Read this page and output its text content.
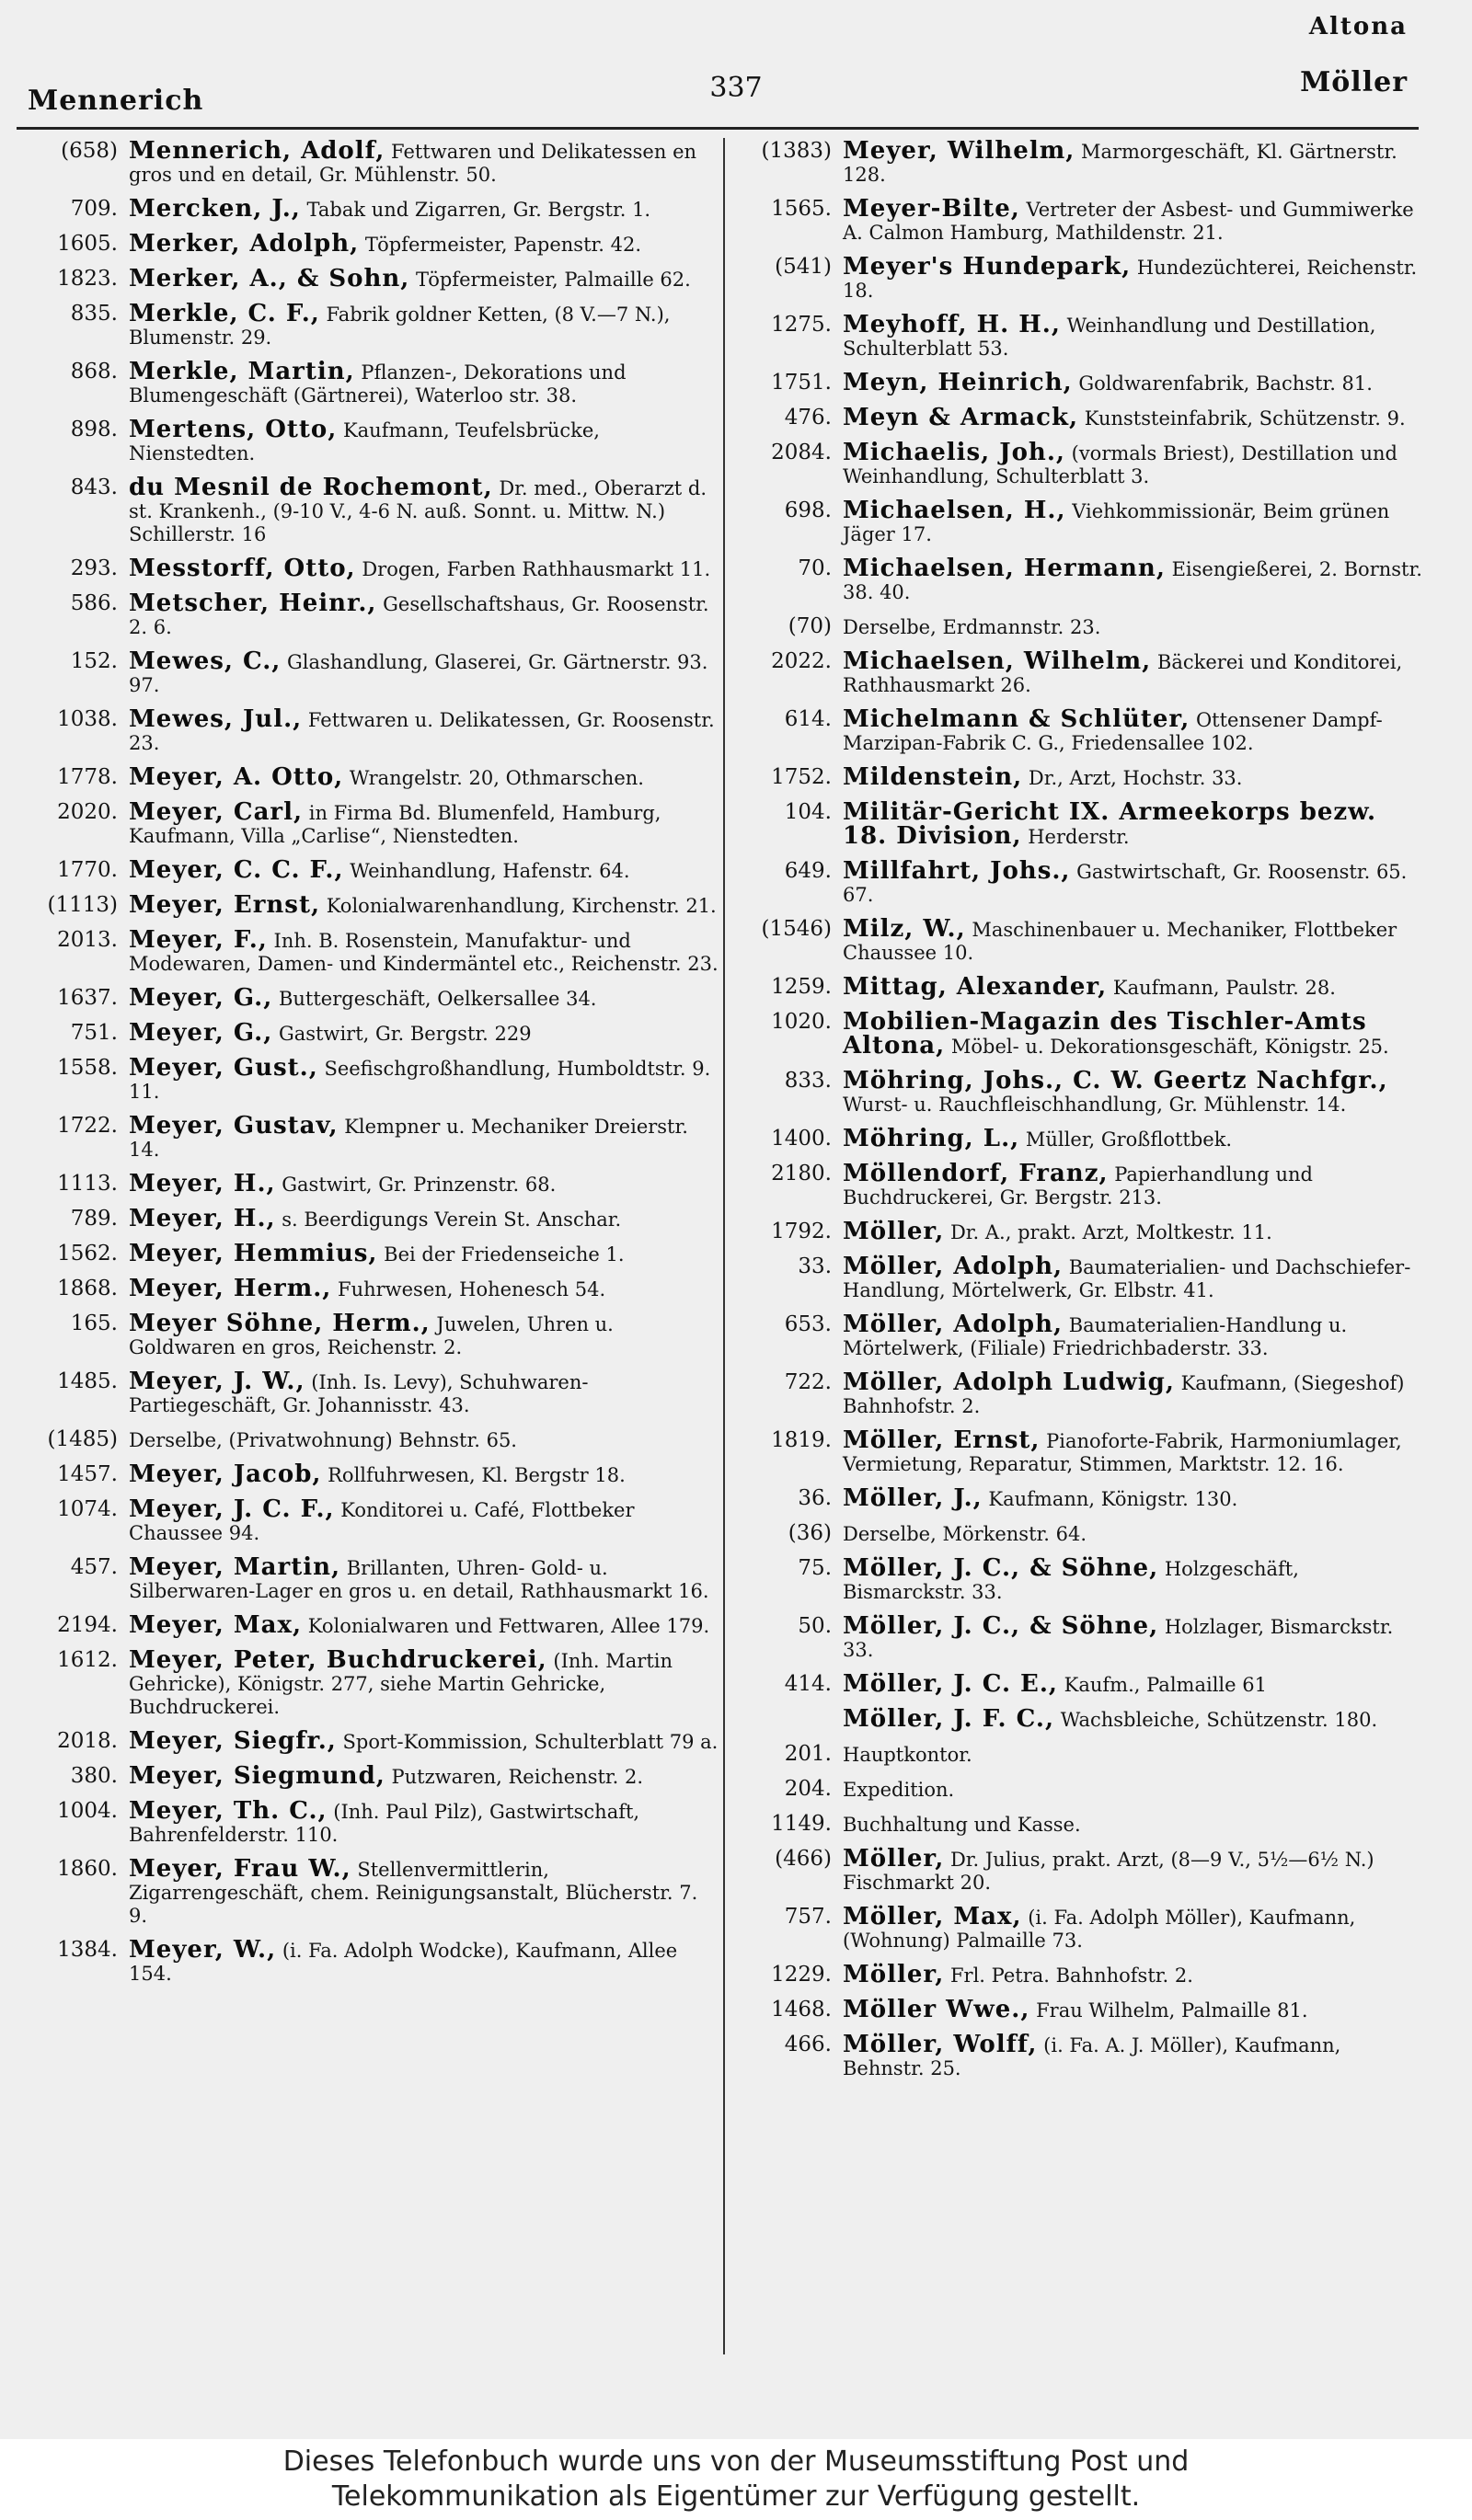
Altona
337
Mennerich
Möller
(658) Mennerich, Adolf, Fettwaren und Delikatessen en gros und en detail, Gr. Mühlenstr. 50.
709. Mercken, J., Tabak und Zigarren, Gr. Bergstr. 1.
1605. Merker, Adolph, Töpfermeister, Papenstr. 42.
1823. Merker, A., & Sohn, Töpfermeister, Palmaille 62.
835. Merkle, C. F., Fabrik goldner Ketten, (8 V.—7 N.), Blumenstr. 29.
868. Merkle, Martin, Pflanzen-, Dekorations und Blumengeschäft (Gärtnerei), Waterloo str. 38.
898. Mertens, Otto, Kaufmann, Teufelsbrücke, Nienstedten.
843. du Mesnil de Rochemont, Dr. med., Oberarzt d. st. Krankenh., (9-10 V., 4-6 N. auß. Sonnt. u. Mittw. N.) Schillerstr. 16
293. Messtorff, Otto, Drogen, Farben Rathhausmarkt 11.
586. Metscher, Heinr., Gesellschaftshaus, Gr. Roosenstr. 2. 6.
152. Mewes, C., Glashandlung, Glaserei, Gr. Gärtnerstr. 93. 97.
1038. Mewes, Jul., Fettwaren u. Delikatessen, Gr. Roosenstr. 23.
1778. Meyer, A. Otto, Wrangelstr. 20, Othmarschen.
2020. Meyer, Carl, in Firma Bd. Blumenfeld, Hamburg, Kaufmann, Villa „Carlise“, Nienstedten.
1770. Meyer, C. C. F., Weinhandlung, Hafenstr. 64.
(1113) Meyer, Ernst, Kolonialwarenhandlung, Kirchenstr. 21.
2013. Meyer, F., Inh. B. Rosenstein, Manufaktur- und Modewaren, Damen- und Kindermäntel etc., Reichenstr. 23.
1637. Meyer, G., Buttergeschäft, Oelkersallee 34.
751. Meyer, G., Gastwirt, Gr. Bergstr. 229
1558. Meyer, Gust., Seefischgroßhandlung, Humboldtstr. 9. 11.
1722. Meyer, Gustav, Klempner u. Mechaniker Dreierstr. 14.
1113. Meyer, H., Gastwirt, Gr. Prinzenstr. 68.
789. Meyer, H., s. Beerdigungs Verein St. Anschar.
1562. Meyer, Hemmius, Bei der Friedenseiche 1.
1868. Meyer, Herm., Fuhrwesen, Hohenesch 54.
165. Meyer Söhne, Herm., Juwelen, Uhren u. Goldwaren en gros, Reichenstr. 2.
1485. Meyer, J. W., (Inh. Is. Levy), Schuhwaren-Partiegeschäft, Gr. Johannisstr. 43.
(1485) Derselbe, (Privatwohnung) Behnstr. 65.
1457. Meyer, Jacob, Rollfuhrwesen, Kl. Bergstr 18.
1074. Meyer, J. C. F., Konditorei u. Café, Flottbeker Chaussee 94.
457. Meyer, Martin, Brillanten, Uhren- Gold- u. Silberwaren-Lager en gros u. en detail, Rathhausmarkt 16.
2194. Meyer, Max, Kolonialwaren und Fettwaren, Allee 179.
1612. Meyer, Peter, Buchdruckerei, (Inh. Martin Gehricke), Königstr. 277, siehe Martin Gehricke, Buchdruckerei.
2018. Meyer, Siegfr., Sport-Kommission, Schulterblatt 79 a.
380. Meyer, Siegmund, Putzwaren, Reichenstr. 2.
1004. Meyer, Th. C., (Inh. Paul Pilz), Gastwirtschaft, Bahrenfelderstr. 110.
1860. Meyer, Frau W., Stellenvermittlerin, Zigarrengeschäft, chem. Reinigungsanstalt, Blücherstr. 7. 9.
1384. Meyer, W., (i. Fa. Adolph Wodcke), Kaufmann, Allee 154.
(1383) Meyer, Wilhelm, Marmorgeschäft, Kl. Gärtnerstr. 128.
1565. Meyer-Bilte, Vertreter der Asbest- und Gummiwerke A. Calmon Hamburg, Mathildenstr. 21.
(541) Meyer's Hundepark, Hundezüchterei, Reichenstr. 18.
1275. Meyhoff, H. H., Weinhandlung und Destillation, Schulterblatt 53.
1751. Meyn, Heinrich, Goldwarenfabrik, Bachstr. 81.
476. Meyn & Armack, Kunststeinfabrik, Schützenstr. 9.
2084. Michaelis, Joh., (vormals Briest), Destillation und Weinhandlung, Schulterblatt 3.
698. Michaelsen, H., Viehkommissionär, Beim grünen Jäger 17.
70. Michaelsen, Hermann, Eisengießerei, 2. Bornstr. 38. 40.
(70) Derselbe, Erdmannstr. 23.
2022. Michaelsen, Wilhelm, Bäckerei und Konditorei, Rathhausmarkt 26.
614. Michelmann & Schlüter, Ottensener Dampf-Marzipan-Fabrik C. G., Friedensallee 102.
1752. Mildenstein, Dr., Arzt, Hochstr. 33.
104. Militär-Gericht IX. Armeekorps bezw. 18. Division, Herderstr.
649. Millfahrt, Johs., Gastwirtschaft, Gr. Roosenstr. 65. 67.
(1546) Milz, W., Maschinenbauer u. Mechaniker, Flottbeker Chaussee 10.
1259. Mittag, Alexander, Kaufmann, Paulstr. 28.
1020. Mobilien-Magazin des Tischler-Amts Altona, Möbel- u. Dekorationsgeschäft, Königstr. 25.
833. Möhring, Johs., C. W. Geertz Nachfgr., Wurst- u. Rauchfleischhandlung, Gr. Mühlenstr. 14.
1400. Möhring, L., Müller, Großflottbek.
2180. Möllendorf, Franz, Papierhandlung und Buchdruckerei, Gr. Bergstr. 213.
1792. Möller, Dr. A., prakt. Arzt, Moltkestr. 11.
33. Möller, Adolph, Baumaterialien- und Dachschiefer-Handlung, Mörtelwerk, Gr. Elbstr. 41.
653. Möller, Adolph, Baumaterialien-Handlung u. Mörtelwerk, (Filiale) Friedrichbaderstr. 33.
722. Möller, Adolph Ludwig, Kaufmann, (Siegeshof) Bahnhofstr. 2.
1819. Möller, Ernst, Pianoforte-Fabrik, Harmoniumlager, Vermietung, Reparatur, Stimmen, Marktstr. 12. 16.
36. Möller, J., Kaufmann, Königstr. 130.
(36) Derselbe, Mörkenstr. 64.
75. Möller, J. C., & Söhne, Holzgeschäft, Bismarckstr. 33.
50. Möller, J. C., & Söhne, Holzlager, Bismarckstr. 33.
414. Möller, J. C. E., Kaufm., Palmaille 61
Möller, J. F. C., Wachsbleiche, Schützenstr. 180.
201. Hauptkontor.
204. Expedition.
1149. Buchhaltung und Kasse.
(466) Möller, Dr. Julius, prakt. Arzt, (8—9 V., 5½—6½ N.) Fischmarkt 20.
757. Möller, Max, (i. Fa. Adolph Möller), Kaufmann, (Wohnung) Palmaille 73.
1229. Möller, Frl. Petra. Bahnhofstr. 2.
1468. Möller Wwe., Frau Wilhelm, Palmaille 81.
466. Möller, Wolff, (i. Fa. A. J. Möller), Kaufmann, Behnstr. 25.
Dieses Telefonbuch wurde uns von der Museumsstiftung Post und
Telekommunikation als Eigentümer zur Verfügung gestellt.
